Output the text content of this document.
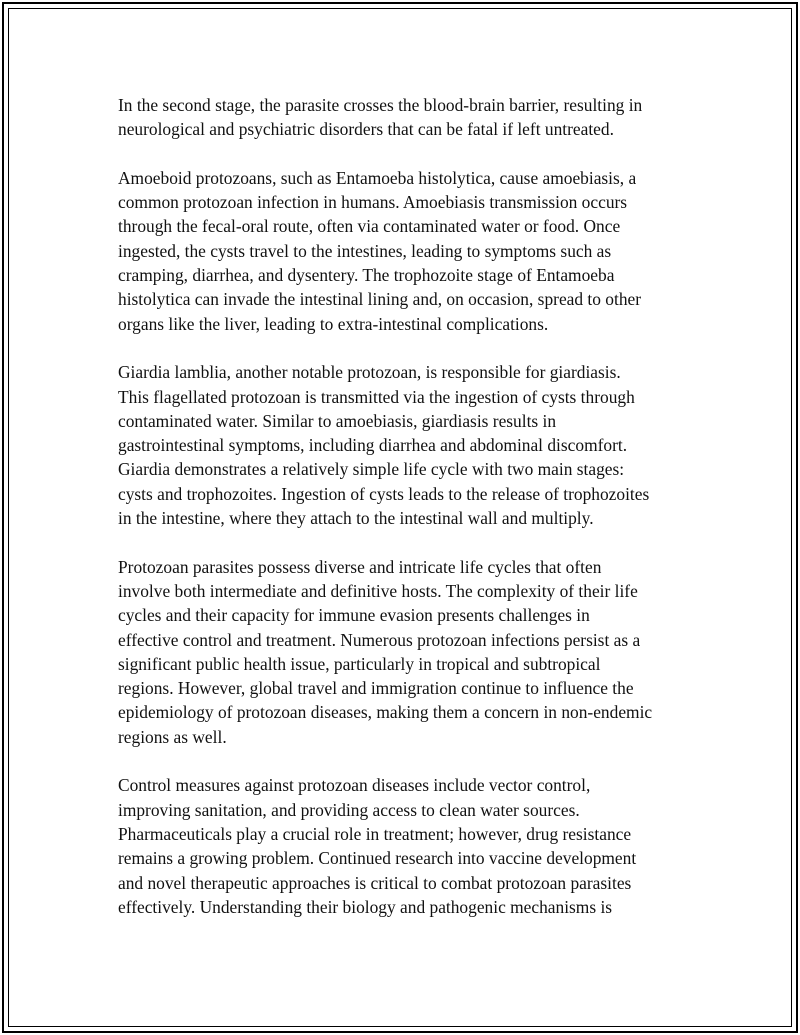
In the second stage, the parasite crosses the blood-brain barrier, resulting in
neurological and psychiatric disorders that can be fatal if left untreated.

Amoeboid protozoans, such as Entamoeba histolytica, cause amoebiasis, a
common protozoan infection in humans. Amoebiasis transmission occurs
through the fecal-oral route, often via contaminated water or food. Once
ingested, the cysts travel to the intestines, leading to symptoms such as
cramping, diarrhea, and dysentery. The trophozoite stage of Entamoeba
histolytica can invade the intestinal lining and, on occasion, spread to other
organs like the liver, leading to extra-intestinal complications.

Giardia lamblia, another notable protozoan, is responsible for giardiasis.
This flagellated protozoan is transmitted via the ingestion of cysts through
contaminated water. Similar to amoebiasis, giardiasis results in
gastrointestinal symptoms, including diarrhea and abdominal discomfort.
Giardia demonstrates a relatively simple life cycle with two main stages:
cysts and trophozoites. Ingestion of cysts leads to the release of trophozoites
in the intestine, where they attach to the intestinal wall and multiply.

Protozoan parasites possess diverse and intricate life cycles that often
involve both intermediate and definitive hosts. The complexity of their life
cycles and their capacity for immune evasion presents challenges in
effective control and treatment. Numerous protozoan infections persist as a
significant public health issue, particularly in tropical and subtropical
regions. However, global travel and immigration continue to influence the
epidemiology of protozoan diseases, making them a concern in non-endemic
regions as well.

Control measures against protozoan diseases include vector control,
improving sanitation, and providing access to clean water sources.
Pharmaceuticals play a crucial role in treatment; however, drug resistance
remains a growing problem. Continued research into vaccine development
and novel therapeutic approaches is critical to combat protozoan parasites
effectively. Understanding their biology and pathogenic mechanisms is
